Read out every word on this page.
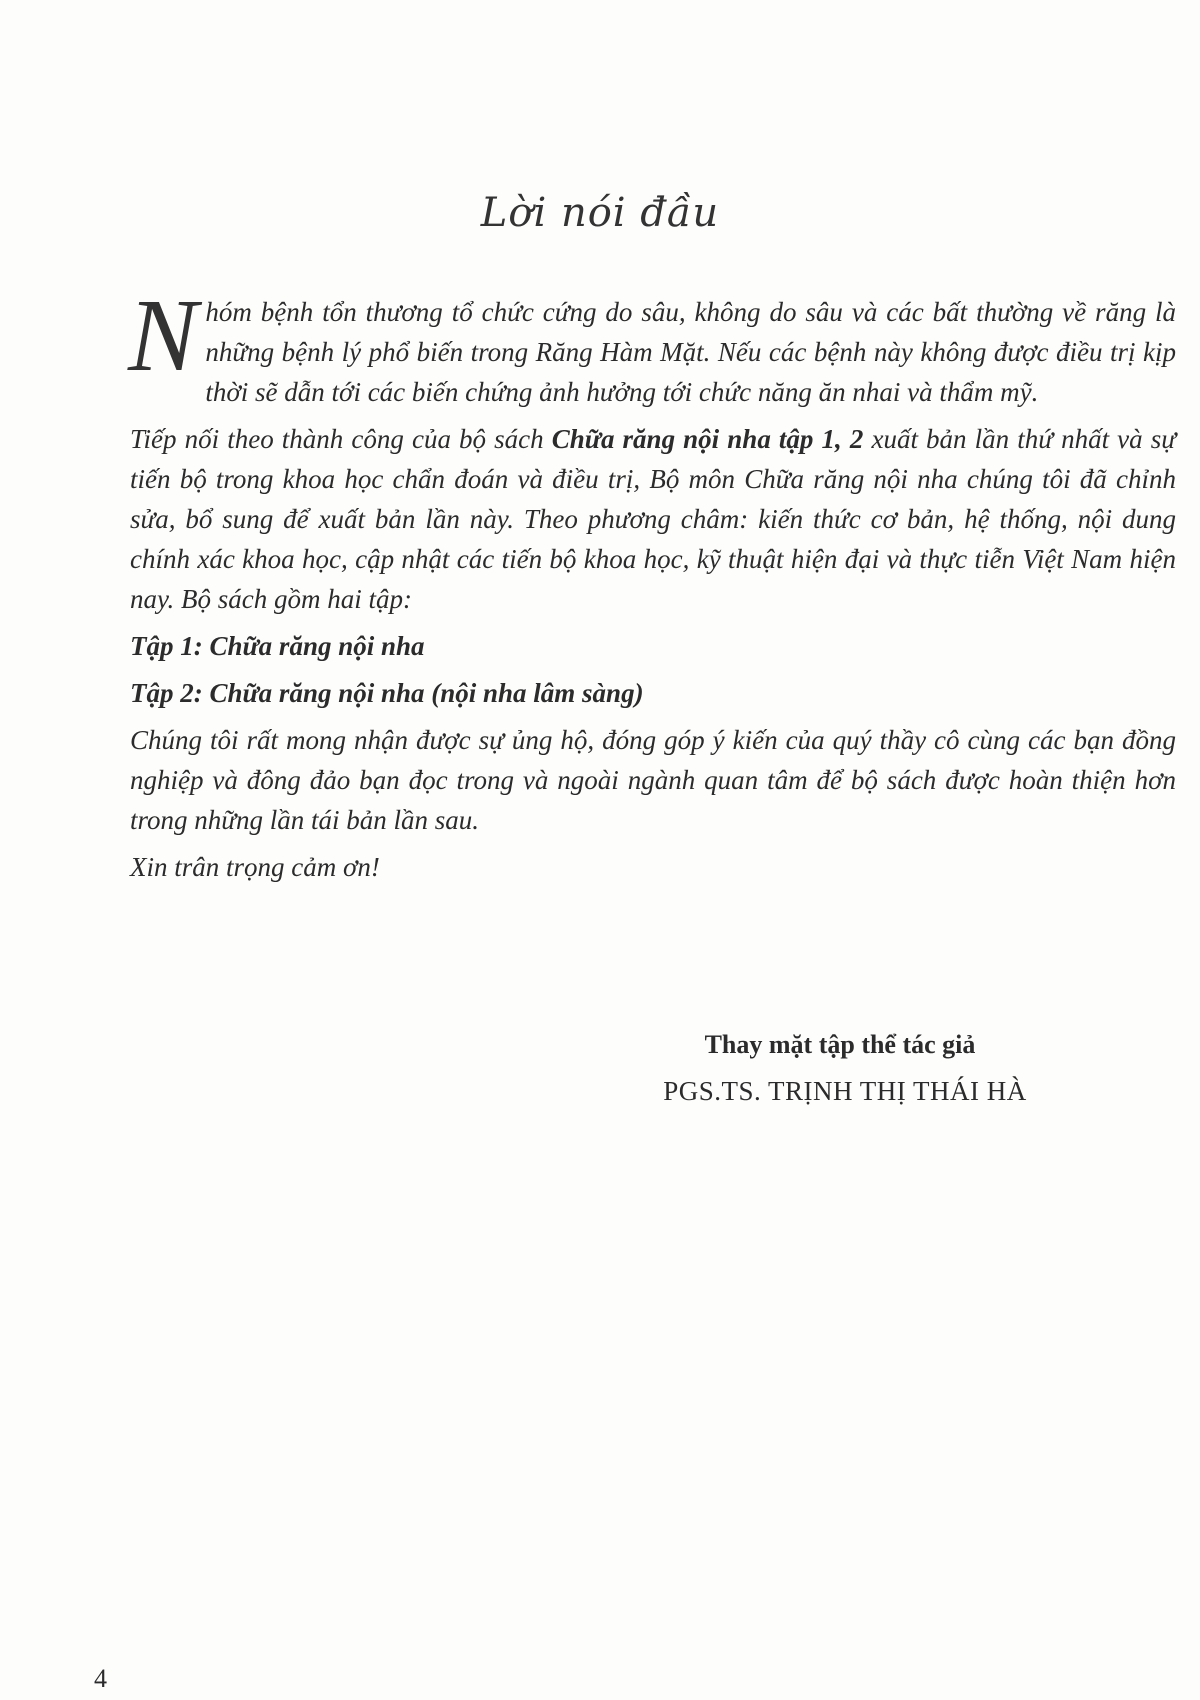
Lời nói đầu

Nhóm bệnh tổn thương tổ chức cứng do sâu, không do sâu và các bất thường về răng là những bệnh lý phổ biến trong Răng Hàm Mặt. Nếu các bệnh này không được điều trị kịp thời sẽ dẫn tới các biến chứng ảnh hưởng tới chức năng ăn nhai và thẩm mỹ.

Tiếp nối theo thành công của bộ sách Chữa răng nội nha tập 1, 2 xuất bản lần thứ nhất và sự tiến bộ trong khoa học chẩn đoán và điều trị, Bộ môn Chữa răng nội nha chúng tôi đã chỉnh sửa, bổ sung để xuất bản lần này. Theo phương châm: kiến thức cơ bản, hệ thống, nội dung chính xác khoa học, cập nhật các tiến bộ khoa học, kỹ thuật hiện đại và thực tiễn Việt Nam hiện nay. Bộ sách gồm hai tập:

Tập 1: Chữa răng nội nha

Tập 2: Chữa răng nội nha (nội nha lâm sàng)

Chúng tôi rất mong nhận được sự ủng hộ, đóng góp ý kiến của quý thầy cô cùng các bạn đồng nghiệp và đông đảo bạn đọc trong và ngoài ngành quan tâm để bộ sách được hoàn thiện hơn trong những lần tái bản lần sau.

Xin trân trọng cảm ơn!

Thay mặt tập thể tác giả
PGS.TS. TRỊNH THỊ THÁI HÀ
4
